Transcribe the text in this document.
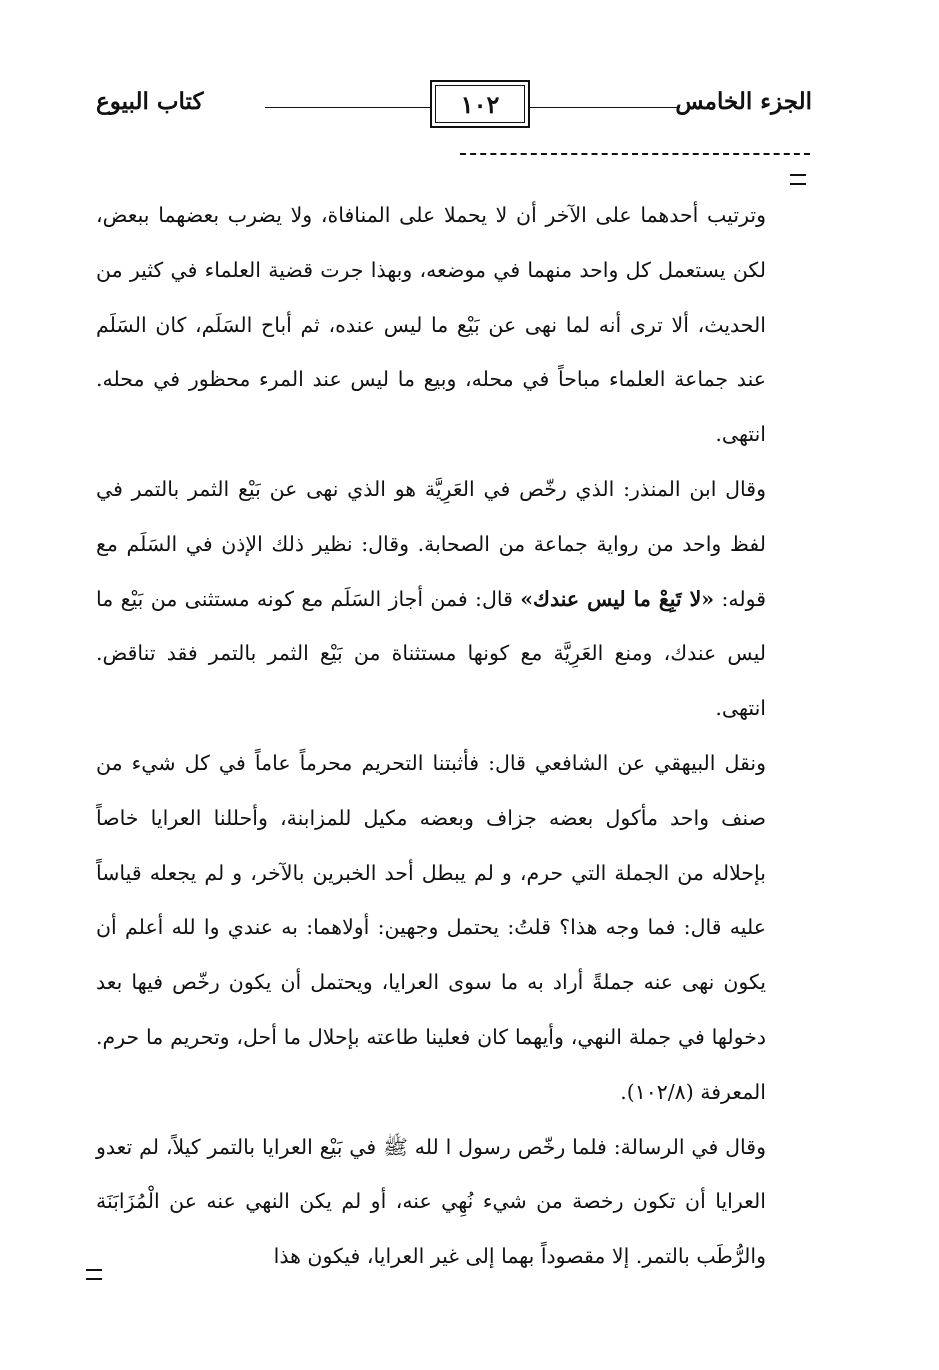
الجزء الخامس
١٠٢
كتاب البيوع

وترتيب أحدهما على الآخر أن لا يحملا على المنافاة، ولا يضرب بعضهما ببعض، لكن يستعمل كل واحد منهما في موضعه، وبهذا جرت قضية العلماء في كثير من الحديث، ألا ترى أنه لما نهى عن بَيْع ما ليس عنده، ثم أباح السَلَم، كان السَلَم عند جماعة العلماء مباحاً في محله، وبيع ما ليس عند المرء محظور في محله. انتهى.

وقال ابن المنذر: الذي رخّص في العَرِيَّة هو الذي نهى عن بَيْع الثمر بالتمر في لفظ واحد من رواية جماعة من الصحابة. وقال: نظير ذلك الإذن في السَلَم مع قوله: «لا تَبِعْ ما ليس عندك» قال: فمن أجاز السَلَم مع كونه مستثنى من بَيْع ما ليس عندك، ومنع العَرِيَّة مع كونها مستثناة من بَيْع الثمر بالتمر فقد تناقض. انتهى.

ونقل البيهقي عن الشافعي قال: فأثبتنا التحريم محرماً عاماً في كل شيء من صنف واحد مأكول بعضه جزاف وبعضه مكيل للمزابنة، وأحللنا العرايا خاصاً بإحلاله من الجملة التي حرم، و لم يبطل أحد الخبرين بالآخر، و لم يجعله قياساً عليه قال: فما وجه هذا؟ قلتُ: يحتمل وجهين: أولاهما: به عندي وا لله أعلم أن يكون نهى عنه جملةً أراد به ما سوى العرايا، ويحتمل أن يكون رخّص فيها بعد دخولها في جملة النهي، وأيهما كان فعلينا طاعته بإحلال ما أحل، وتحريم ما حرم. المعرفة (١٠٢/٨).

وقال في الرسالة: فلما رخّص رسول ا لله ﷺ في بَيْع العرايا بالتمر كيلاً، لم تعدو العرايا أن تكون رخصة من شيء نُهِي عنه، أو لم يكن النهي عنه عن الْمُزَابَنَة والرُّطَب بالتمر. إلا مقصوداً بهما إلى غير العرايا، فيكون هذا
